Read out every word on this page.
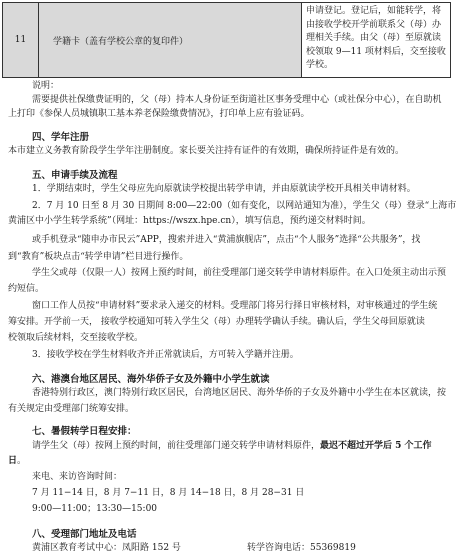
11	学籍卡（盖有学校公章的复印件）
申请登记。登记后，如能转学，将
由接收学校开学前联系父（母）办
理相关手续。由父（母）至原就读
校领取 9—11 项材料后，交至接收
学校。
说明：
需要提供社保缴费证明的，父（母）持本人身份证至街道社区事务受理中心（或社保分中心），在自助机
上打印《参保人员城镇职工基本养老保险缴费情况》，打印单上应有验证码。
四、学年注册
本市建立义务教育阶段学生学年注册制度。家长要关注持有证件的有效期，确保所持证件是有效的。
五、申请手续及流程
1．学期结束时，学生父母应先向原就读学校提出转学申请，并由原就读学校开具相关申请材料。
2．7 月 10 日至 8 月 30 日期间 8:00—22:00（如有变化，以网站通知为准），学生父（母）登录“上海市
黄浦区中小学生转学系统”（网址：https://wszx.hpe.cn），填写信息，预约递交材料时间。
或手机登录“随申办市民云”APP，搜索并进入“黄浦旗舰店”，点击“个人服务”选择“公共服务”，找
到“教育”板块点击“转学申请”栏目进行操作。
学生父或母（仅限一人）按网上预约时间，前往受理部门递交转学申请材料原件。在入口处须主动出示预
约短信。
窗口工作人员按“申请材料”要求录入递交的材料。受理部门将另行择日审核材料，对审核通过的学生统
筹安排。开学前一天， 接收学校通知可转入学生父（母）办理转学确认手续。确认后，学生父母回原就读
校领取后续材料，交至接收学校。
3．接收学校在学生材料收齐并正常就读后，方可转入学籍并注册。
六、港澳台地区居民、海外华侨子女及外籍中小学生就读
香港特别行政区，澳门特别行政区居民，台湾地区居民、海外华侨的子女及外籍中小学生在本区就读，按
有关规定由受理部门统筹安排。
七、暑假转学日程安排：
请学生父（母）按网上预约时间，前往受理部门递交转学申请材料原件，最迟不超过开学后 5 个工作
日。
来电、来访咨询时间：
7 月 11−14 日，8 月 7−11 日，8 月 14−18 日，8 月 28−31 日
9:00—11:00；13:30—15:00
八、受理部门地址及电话
黄浦区教育考试中心：凤阳路 152 号	转学咨询电话：55369819
